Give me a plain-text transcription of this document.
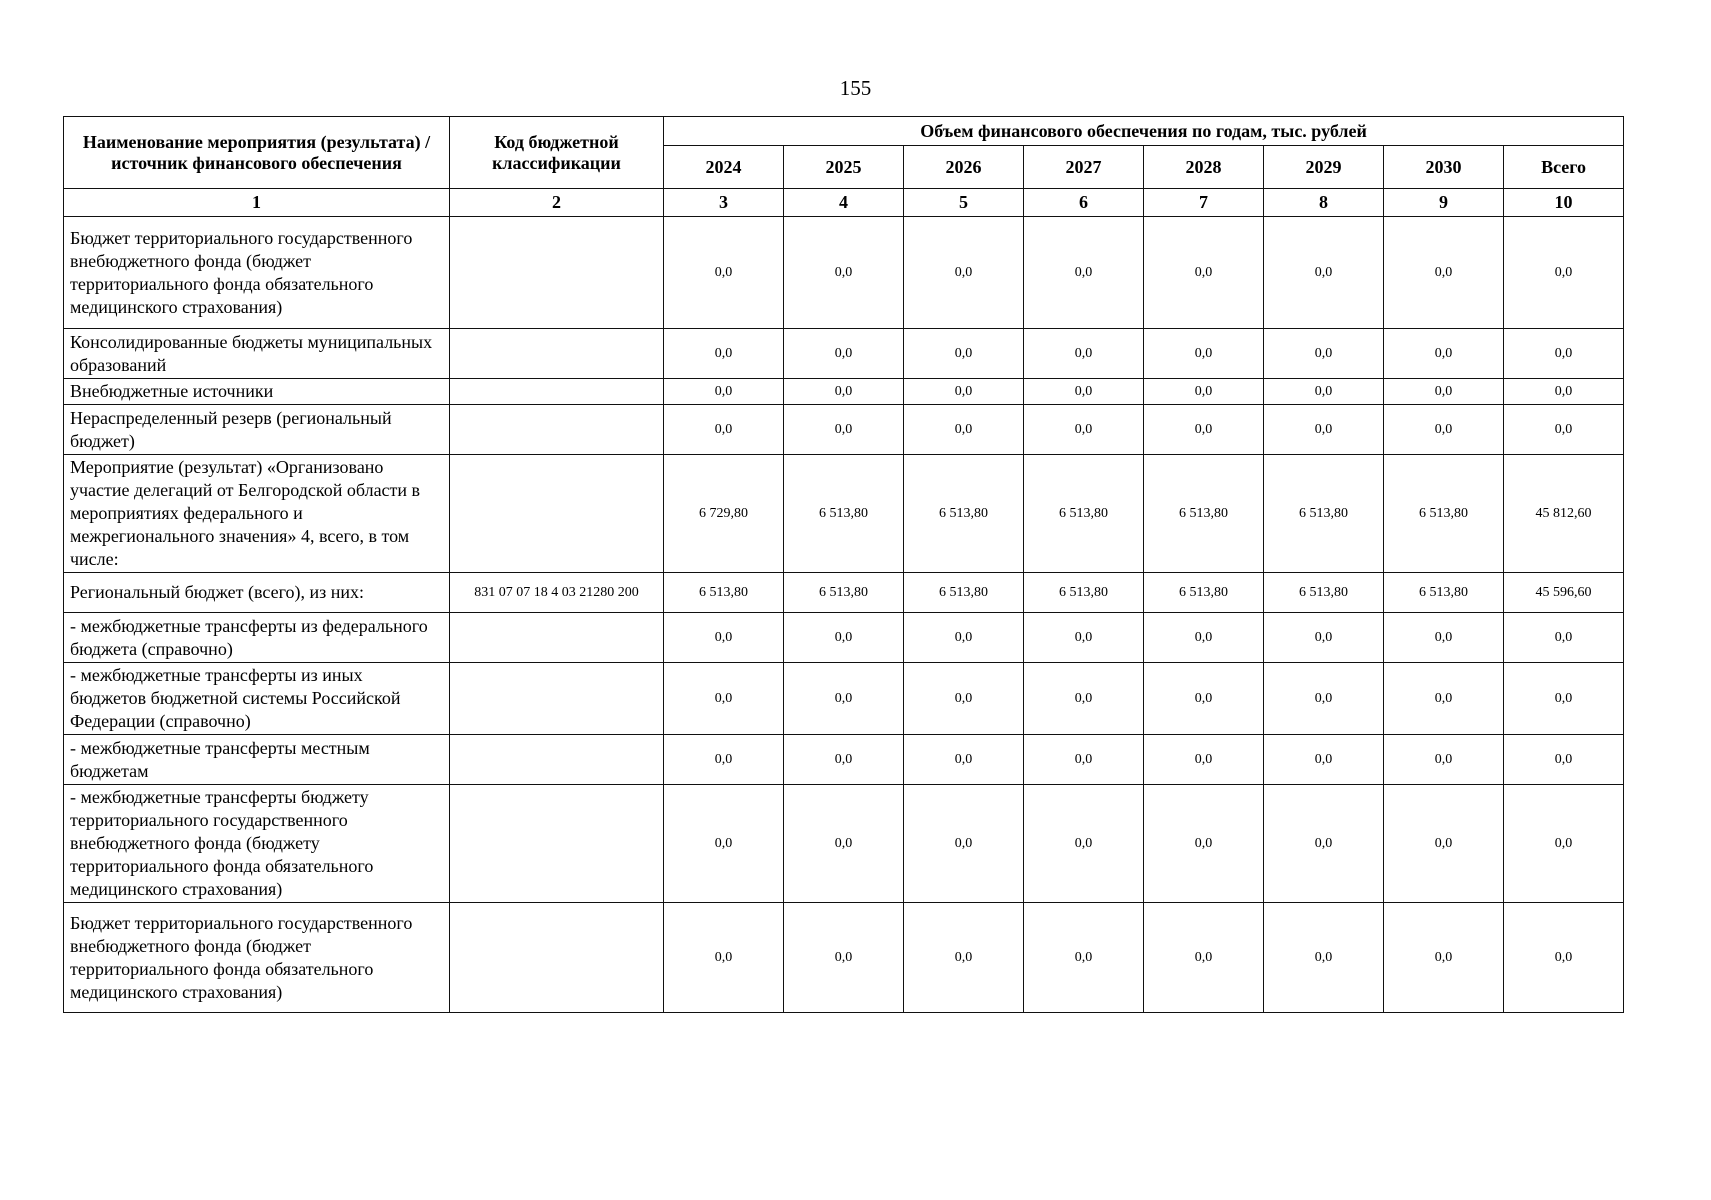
155
Наименование мероприятия (результата) /источник финансового обеспечения	Код бюджетной классификации	Объем финансового обеспечения по годам, тыс. рублей							
		2024	2025	2026	2027	2028	2029	2030	Всего
1	2	3	4	5	6	7	8	9	10
Бюджет территориального государственного внебюджетного фонда (бюджет территориального фонда обязательного медицинского страхования)		0,0	0,0	0,0	0,0	0,0	0,0	0,0	0,0
Консолидированные бюджеты муниципальных образований		0,0	0,0	0,0	0,0	0,0	0,0	0,0	0,0
Внебюджетные источники		0,0	0,0	0,0	0,0	0,0	0,0	0,0	0,0
Нераспределенный резерв (региональный бюджет)		0,0	0,0	0,0	0,0	0,0	0,0	0,0	0,0
Мероприятие (результат) «Организовано участие делегаций от Белгородской области в мероприятиях федерального и межрегионального значения» 4, всего, в том числе:		6 729,80	6 513,80	6 513,80	6 513,80	6 513,80	6 513,80	6 513,80	45 812,60
Региональный бюджет (всего), из них:	831 07 07 18 4 03 21280 200	6 513,80	6 513,80	6 513,80	6 513,80	6 513,80	6 513,80	6 513,80	45 596,60
- межбюджетные трансферты из федерального бюджета (справочно)		0,0	0,0	0,0	0,0	0,0	0,0	0,0	0,0
- межбюджетные трансферты из иных бюджетов бюджетной системы Российской Федерации (справочно)		0,0	0,0	0,0	0,0	0,0	0,0	0,0	0,0
- межбюджетные трансферты местным бюджетам		0,0	0,0	0,0	0,0	0,0	0,0	0,0	0,0
- межбюджетные трансферты бюджету территориального государственного внебюджетного фонда (бюджету территориального фонда обязательного медицинского страхования)		0,0	0,0	0,0	0,0	0,0	0,0	0,0	0,0
Бюджет территориального государственного внебюджетного фонда (бюджет территориального фонда обязательного медицинского страхования)		0,0	0,0	0,0	0,0	0,0	0,0	0,0	0,0
